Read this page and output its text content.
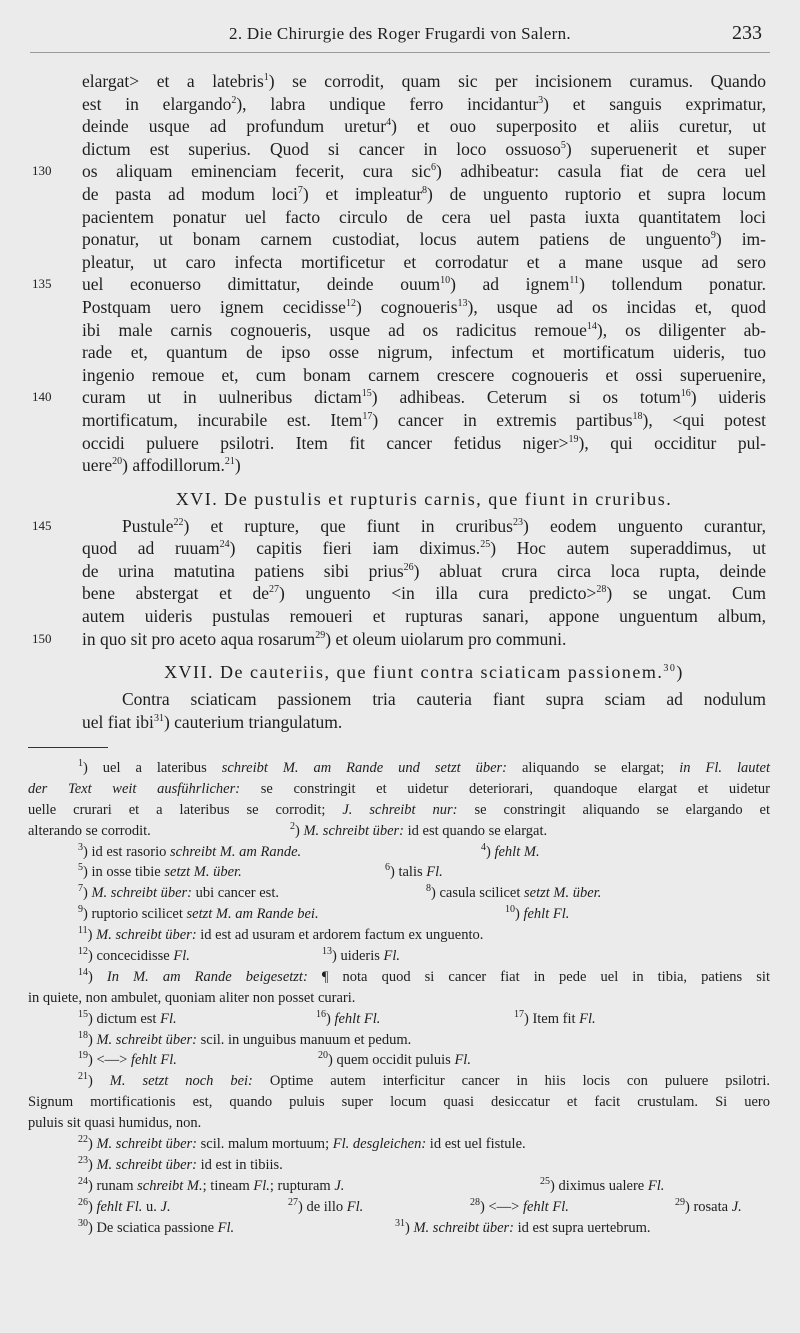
2. Die Chirurgie des Roger Frugardi von Salern.	233
elargat> et a latebris$^1$) se corrodit, quam sic per incisionem curamus. Quando
est in elargando$^2$), labra undique ferro incidantur$^3$) et sanguis exprimatur,
deinde usque ad profundum uretur$^4$) et ouo superposito et aliis curetur, ut
dictum est superius. Quod si cancer in loco ossuoso$^5$) superuenerit et super
os aliquam eminenciam fecerit, cura sic$^6$) adhibeatur: casula fiat de cera uel
130
de pasta ad modum loci$^7$) et impleatur$^8$) de unguento ruptorio et supra locum
pacientem ponatur uel facto circulo de cera uel pasta iuxta quantitatem loci
ponatur, ut bonam carnem custodiat, locus autem patiens de unguento$^9$) im-
pleatur, ut caro infecta mortificetur et corrodatur et a mane usque ad sero
uel econuerso dimittatur, deinde ouum$^{10}$) ad ignem$^{11}$) tollendum ponatur.
135
Postquam uero ignem cecidisse$^{12}$) cognoueris$^{13}$), usque ad os incidas et, quod
ibi male carnis cognoueris, usque ad os radicitus remoue$^{14}$), os diligenter ab-
rade et, quantum de ipso osse nigrum, infectum et mortificatum uideris, tuo
ingenio remoue et, cum bonam carnem crescere cognoueris et ossi superuenire,
curam ut in uulneribus dictam$^{15}$) adhibeas. Ceterum si os totum$^{16}$) uideris
140
mortificatum, incurabile est. Item$^{17}$) cancer in extremis partibus$^{18}$), <qui potest
occidi puluere psilotri. Item fit cancer fetidus niger>$^{19}$), qui occiditur pul-
uere$^{20}$) affodillorum.$^{21}$)
XVI. De pustulis et rupturis carnis, que fiunt in cruribus.
Pustule$^{22}$) et rupture, que fiunt in cruribus$^{23}$) eodem unguento curantur,
145
quod ad ruuam$^{24}$) capitis fieri iam diximus.$^{25}$) Hoc autem superaddimus, ut
de urina matutina patiens sibi prius$^{26}$) abluat crura circa loca rupta, deinde
bene abstergat et $de^{27}$) unguento <in illa cura predicto>$^{28}$) se ungat. Cum
autem uideris pustulas remoueri et rupturas sanari, appone unguentum album,
in quo sit pro aceto aqua rosarum$^{29}$) et oleum uiolarum pro communi.
150
XVII. De cauteriis, que fiunt contra sciaticam passionem.$^{30}$)
Contra sciaticam passionem tria cauteria fiant supra sciam ad nodulum
uel fiat ibi$^{31}$) cauterium triangulatum.
$^1$) uel a lateribus schreibt M. am Rande und setzt über: aliquando se elargat; in Fl. lautet
der Text weit ausführlicher: se constringit et uidetur deteriorari, quandoque elargat et uidetur
uelle crurari et a lateribus se corrodit; J. schreibt nur: se constringit aliquando se elargando et
alterando se corrodit.	$^2$) M. schreibt über: id est quando se elargat.
$^3$) id est rasorio schreibt M. am Rande.	$^4$) fehlt M.
$^5$) in osse tibie setzt M. über.	$^6$) talis Fl.
$^7$) M. schreibt über: ubi cancer est.	$^8$) casula scilicet setzt M. über.
$^9$) ruptorio scilicet setzt M. am Rande bei.	$^{10}$) fehlt Fl.
$^{11}$) M. schreibt über: id est ad usuram et ardorem factum ex unguento.
$^{12}$) concecidisse Fl.	$^{13}$) uideris Fl.
$^{14}$) In M. am Rande beigesetzt: ¶ nota quod si cancer fiat in pede uel in tibia, patiens sit
in quiete, non ambulet, quoniam aliter non posset curari.
$^{15}$) dictum est Fl.	$^{16}$) fehlt Fl.	$^{17}$) Item fit Fl.
$^{18}$) M. schreibt über: scil. in unguibus manuum et pedum.
$^{19}$) <—> fehlt Fl.	$^{20}$) quem occidit puluis Fl.
$^{21}$) M. setzt noch bei: Optime autem interficitur cancer in hiis locis con puluere psilotri.
Signum mortificationis est, quando puluis super locum quasi desiccatur et facit crustulam. Si uero
puluis sit quasi humidus, non.
$^{22}$) M. schreibt über: scil. malum mortuum; Fl. desgleichen: id est uel fistule.
$^{23}$) M. schreibt über: id est in tibiis.
$^{24}$) runam schreibt M.; tineam Fl.; rupturam J.	$^{25}$) diximus ualere Fl.
$^{26}$) fehlt Fl. u. J.	$^{27}$) de illo Fl.	$^{28}$) <—> fehlt Fl.	$^{29}$) rosata J.
$^{30}$) De sciatica passione Fl.	$^{31}$) M. schreibt über: id est supra uertebrum.
